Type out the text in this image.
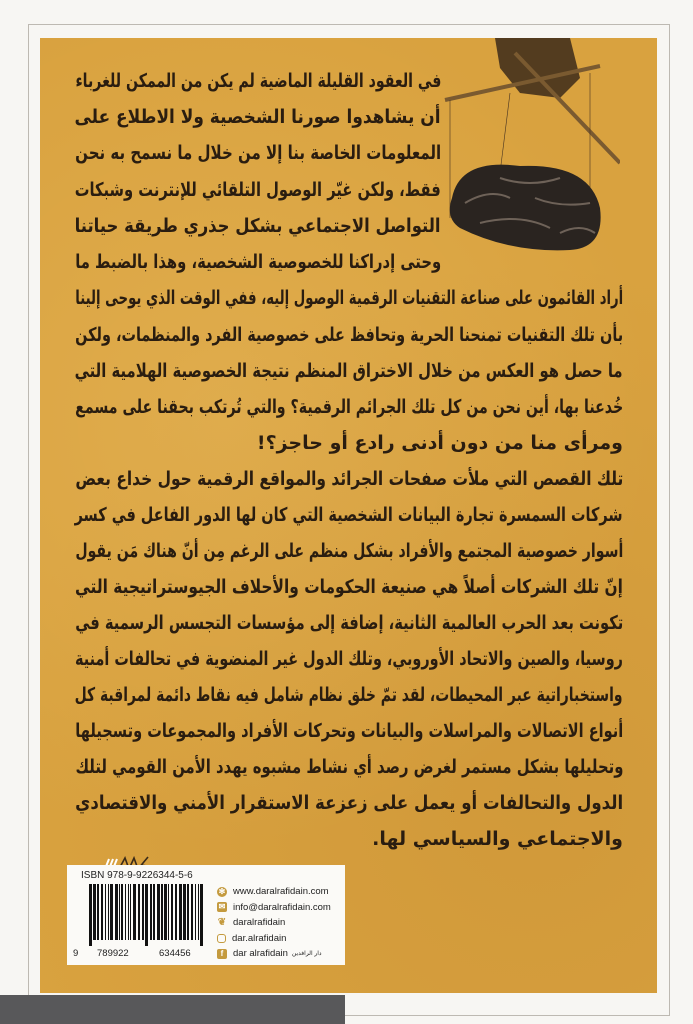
في العقود القليلة الماضية لم يكن من الممكن للغرباء
أن يشاهدوا صورنا الشخصية ولا الاطلاع على
المعلومات الخاصة بنا إلا من خلال ما نسمح به نحن
فقط، ولكن غيّر الوصول التلقائي للإنترنت وشبكات
التواصل الاجتماعي بشكل جذري طريقة حياتنا
وحتى إدراكنا للخصوصية الشخصية، وهذا بالضبط ما
أراد القائمون على صناعة التقنيات الرقمية الوصول إليه، ففي الوقت الذي يوحى إلينا
بأن تلك التقنيات تمنحنا الحرية وتحافظ على خصوصية الفرد والمنظمات، ولكن
ما حصل هو العكس من خلال الاختراق المنظم نتيجة الخصوصية الهلامية التي
خُدعنا بها، أين نحن من كل تلك الجرائم الرقمية؟ والتي تُرتكب بحقنا على مسمع
ومرأى منا من دون أدنى رادع أو حاجز؟!
تلك القصص التي ملأت صفحات الجرائد والمواقع الرقمية حول خداع بعض
شركات السمسرة تجارة البيانات الشخصية التي كان لها الدور الفاعل في كسر
أسوار خصوصية المجتمع والأفراد بشكل منظم على الرغم مِن أنّ هناك مَن يقول
إنّ تلك الشركات أصلاً هي صنيعة الحكومات والأحلاف الجيوستراتيجية التي
تكونت بعد الحرب العالمية الثانية، إضافة إلى مؤسسات التجسس الرسمية في
روسيا، والصين والاتحاد الأوروبي، وتلك الدول غير المنضوية في تحالفات أمنية
واستخباراتية عبر المحيطات، لقد تمّ خلق نظام شامل فيه نقاط دائمة لمراقبة كل
أنواع الاتصالات والمراسلات والبيانات وتحركات الأفراد والمجموعات وتسجيلها
وتحليلها بشكل مستمر لغرض رصد أي نشاط مشبوه يهدد الأمن القومي لتلك
الدول والتحالفات أو يعمل على زعزعة الاستقرار الأمني والاقتصادي
والاجتماعي والسياسي لها.
ISBN 978-9-9226344-5-6
9 789922	634456
✻ www.daralrafidain.com
✉ info@daralrafidain.com
❦ daralrafidain
dar.alrafidain
f	dar alrafidain دار الرافدين
